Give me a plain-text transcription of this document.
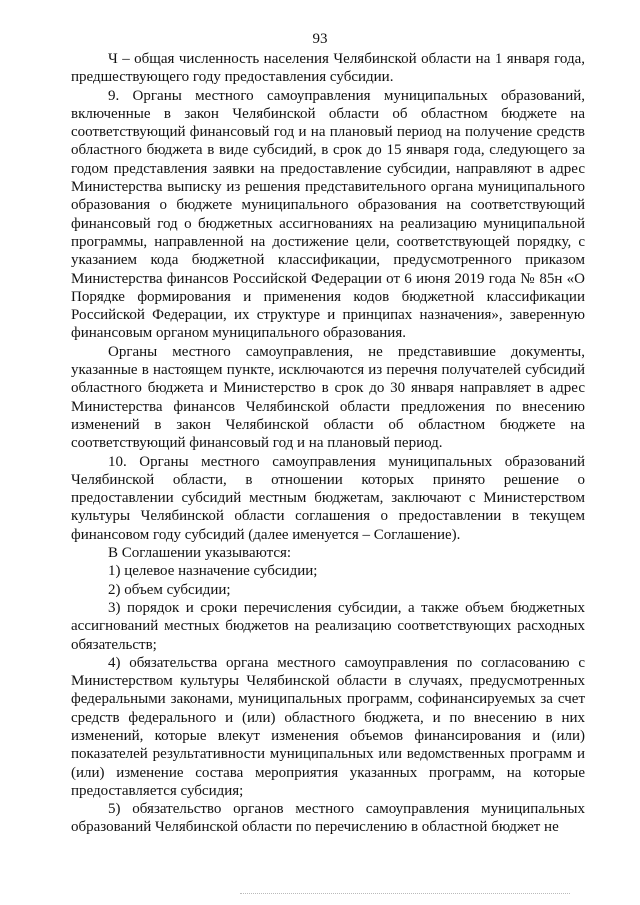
93

Ч – общая численность населения Челябинской области на 1 января года, предшествующего году предоставления субсидии.

9. Органы местного самоуправления муниципальных образований, включенные в закон Челябинской области об областном бюджете на соответствующий финансовый год и на плановый период на получение средств областного бюджета в виде субсидий, в срок до 15 января года, следующего за годом представления заявки на предоставление субсидии, направляют в адрес Министерства выписку из решения представительного органа муниципального образования о бюджете муниципального образования на соответствующий финансовый год о бюджетных ассигнованиях на реализацию муниципальной программы, направленной на достижение цели, соответствующей порядку, с указанием кода бюджетной классификации, предусмотренного приказом Министерства финансов Российской Федерации от 6 июня 2019 года № 85н «О Порядке формирования и применения кодов бюджетной классификации Российской Федерации, их структуре и принципах назначения», заверенную финансовым органом муниципального образования.

Органы местного самоуправления, не представившие документы, указанные в настоящем пункте, исключаются из перечня получателей субсидий областного бюджета и Министерство в срок до 30 января направляет в адрес Министерства финансов Челябинской области предложения по внесению изменений в закон Челябинской области об областном бюджете на соответствующий финансовый год и на плановый период.

10. Органы местного самоуправления муниципальных образований Челябинской области, в отношении которых принято решение о предоставлении субсидий местным бюджетам, заключают с Министерством культуры Челябинской области соглашения о предоставлении в текущем финансовом году субсидий (далее именуется – Соглашение).

В Соглашении указываются:

1) целевое назначение субсидии;

2) объем субсидии;

3) порядок и сроки перечисления субсидии, а также объем бюджетных ассигнований местных бюджетов на реализацию соответствующих расходных обязательств;

4) обязательства органа местного самоуправления по согласованию с Министерством культуры Челябинской области в случаях, предусмотренных федеральными законами, муниципальных программ, софинансируемых за счет средств федерального и (или) областного бюджета, и по внесению в них изменений, которые влекут изменения объемов финансирования и (или) показателей результативности муниципальных или ведомственных программ и (или) изменение состава мероприятия указанных программ, на которые предоставляется субсидия;

5) обязательство органов местного самоуправления муниципальных образований Челябинской области по перечислению в областной бюджет не
